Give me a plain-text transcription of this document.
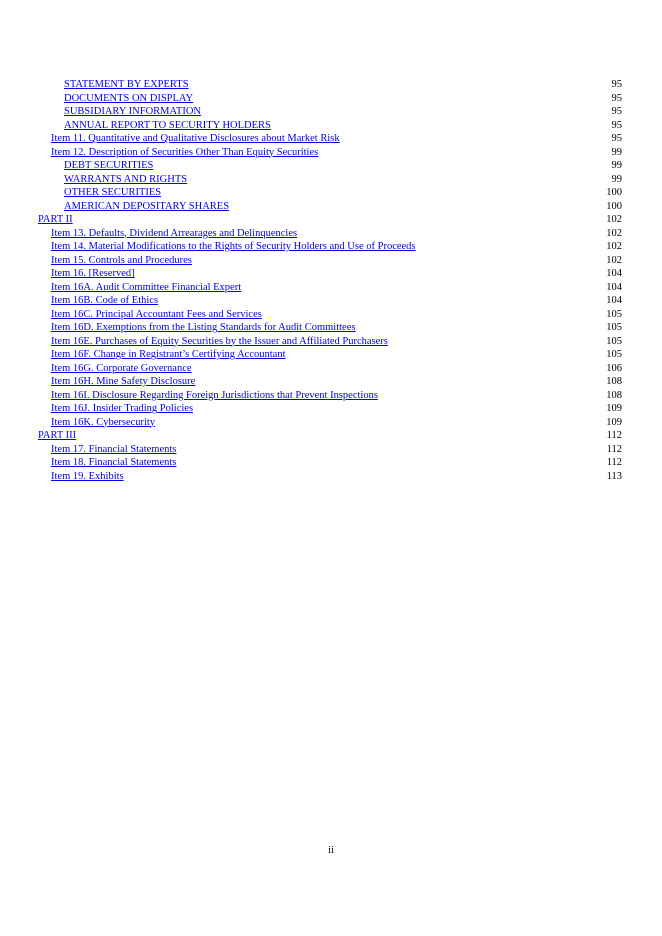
STATEMENT BY EXPERTS	95
DOCUMENTS ON DISPLAY	95
SUBSIDIARY INFORMATION	95
ANNUAL REPORT TO SECURITY HOLDERS	95
Item 11. Quantitative and Qualitative Disclosures about Market Risk	95
Item 12. Description of Securities Other Than Equity Securities	99
DEBT SECURITIES	99
WARRANTS AND RIGHTS	99
OTHER SECURITIES	100
AMERICAN DEPOSITARY SHARES	100
PART II	102
Item 13. Defaults, Dividend Arrearages and Delinquencies	102
Item 14. Material Modifications to the Rights of Security Holders and Use of Proceeds	102
Item 15. Controls and Procedures	102
Item 16. [Reserved]	104
Item 16A. Audit Committee Financial Expert	104
Item 16B. Code of Ethics	104
Item 16C. Principal Accountant Fees and Services	105
Item 16D. Exemptions from the Listing Standards for Audit Committees	105
Item 16E. Purchases of Equity Securities by the Issuer and Affiliated Purchasers	105
Item 16F. Change in Registrant’s Certifying Accountant	105
Item 16G. Corporate Governance	106
Item 16H. Mine Safety Disclosure	108
Item 16I. Disclosure Regarding Foreign Jurisdictions that Prevent Inspections	108
Item 16J. Insider Trading Policies	109
Item 16K. Cybersecurity	109
PART III	112
Item 17. Financial Statements	112
Item 18. Financial Statements	112
Item 19. Exhibits	113
ii
